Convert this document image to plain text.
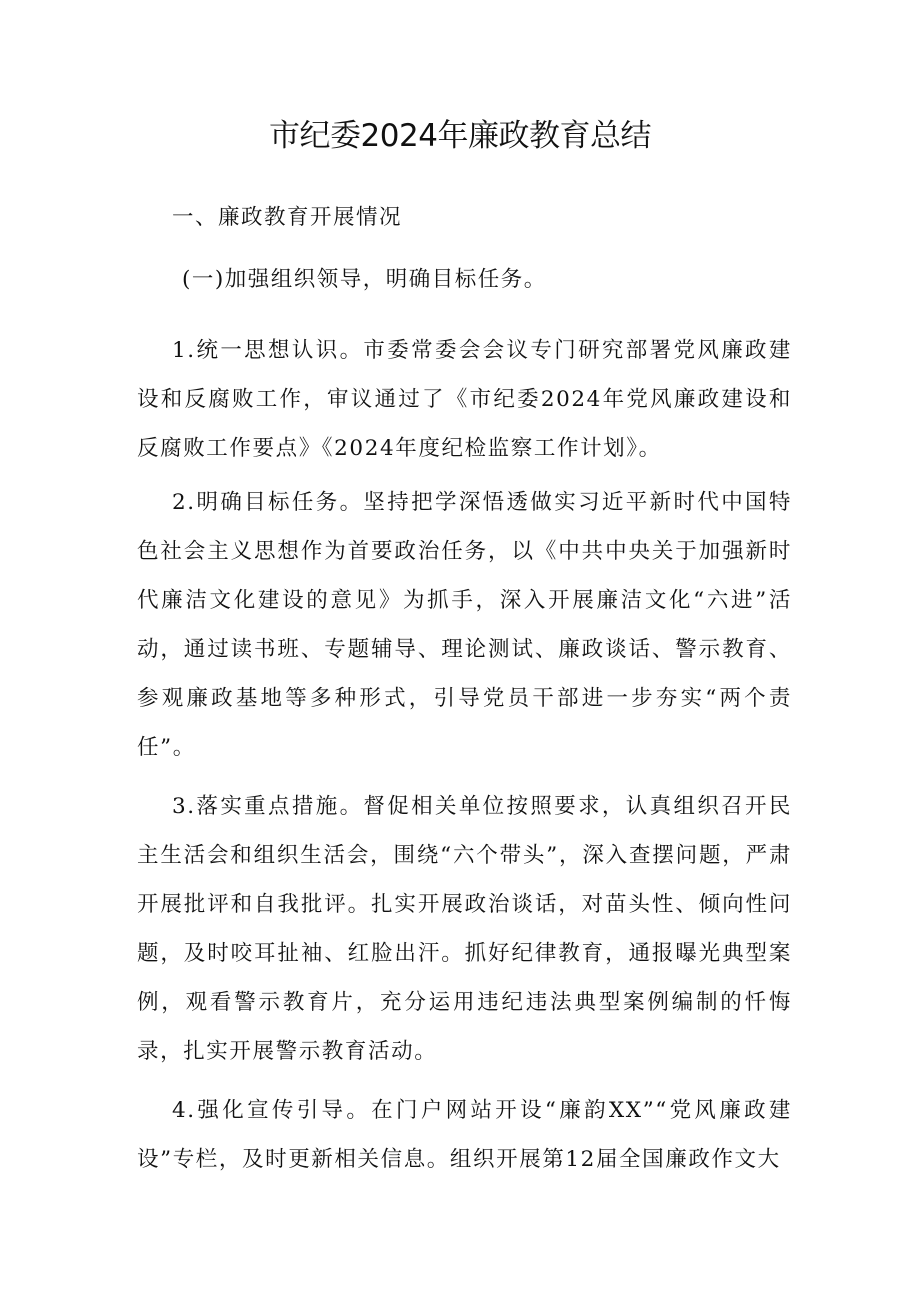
市纪委2024年廉政教育总结

一、廉政教育开展情况

(一)加强组织领导，明确目标任务。

1.统一思想认识。市委常委会会议专门研究部署党风廉政建设和反腐败工作，审议通过了《市纪委2024年党风廉政建设和反腐败工作要点》《2024年度纪检监察工作计划》。

2.明确目标任务。坚持把学深悟透做实习近平新时代中国特色社会主义思想作为首要政治任务，以《中共中央关于加强新时代廉洁文化建设的意见》为抓手，深入开展廉洁文化“六进”活动，通过读书班、专题辅导、理论测试、廉政谈话、警示教育、参观廉政基地等多种形式，引导党员干部进一步夯实“两个责任”。

3.落实重点措施。督促相关单位按照要求，认真组织召开民主生活会和组织生活会，围绕“六个带头”，深入查摆问题，严肃开展批评和自我批评。扎实开展政治谈话，对苗头性、倾向性问题，及时咬耳扯袖、红脸出汗。抓好纪律教育，通报曝光典型案例，观看警示教育片，充分运用违纪违法典型案例编制的忏悔录，扎实开展警示教育活动。

4.强化宣传引导。在门户网站开设“廉韵XX”“党风廉政建设”专栏，及时更新相关信息。组织开展第12届全国廉政作文大
